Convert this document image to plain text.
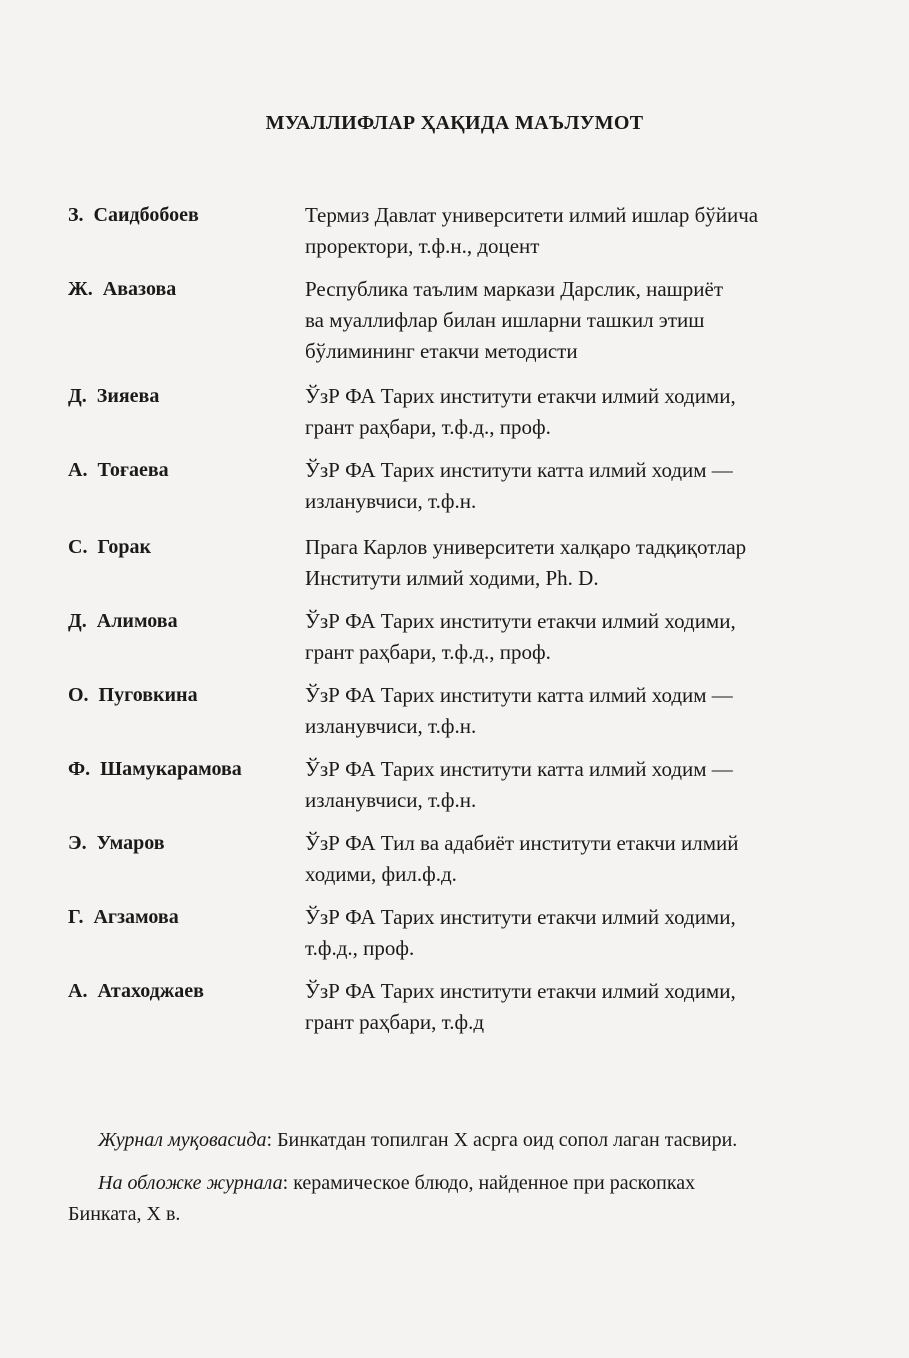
МУАЛЛИФЛАР ҲАҚИДА МАЪЛУМОТ
З. Саидбобоев	Термиз Давлат университети илмий ишлар бўйича
проректори, т.ф.н., доцент
Ж. Авазова	Республика таълим маркази Дарслик, нашриёт
ва муаллифлар билан ишларни ташкил этиш
бўлимининг етакчи методисти
Д. Зияева	ЎзР ФА Тарих институти етакчи илмий ходими,
грант раҳбари, т.ф.д., проф.
А. Тоғаева	ЎзР ФА Тарих институти катта илмий ходим —
изланувчиси, т.ф.н.
С. Горак	Прага Карлов университети халқаро тадқиқотлар
Институти илмий ходими, Ph. D.
Д. Алимова	ЎзР ФА Тарих институти етакчи илмий ходими,
грант раҳбари, т.ф.д., проф.
О. Пуговкина	ЎзР ФА Тарих институти катта илмий ходим —
изланувчиси, т.ф.н.
Ф. Шамукарамова	ЎзР ФА Тарих институти катта илмий ходим —
изланувчиси, т.ф.н.
Э. Умаров	ЎзР ФА Тил ва адабиёт институти етакчи илмий
ходими, фил.ф.д.
Г. Агзамова	ЎзР ФА Тарих институти етакчи илмий ходими,
т.ф.д., проф.
А. Атаходжаев	ЎзР ФА Тарих институти етакчи илмий ходими,
грант раҳбари, т.ф.д

Журнал муқовасида: Бинкатдан топилган X асрга оид сопол лаган тасвири.

На обложке журнала: керамическое блюдо, найденное при раскопках
Бинката, X в.
